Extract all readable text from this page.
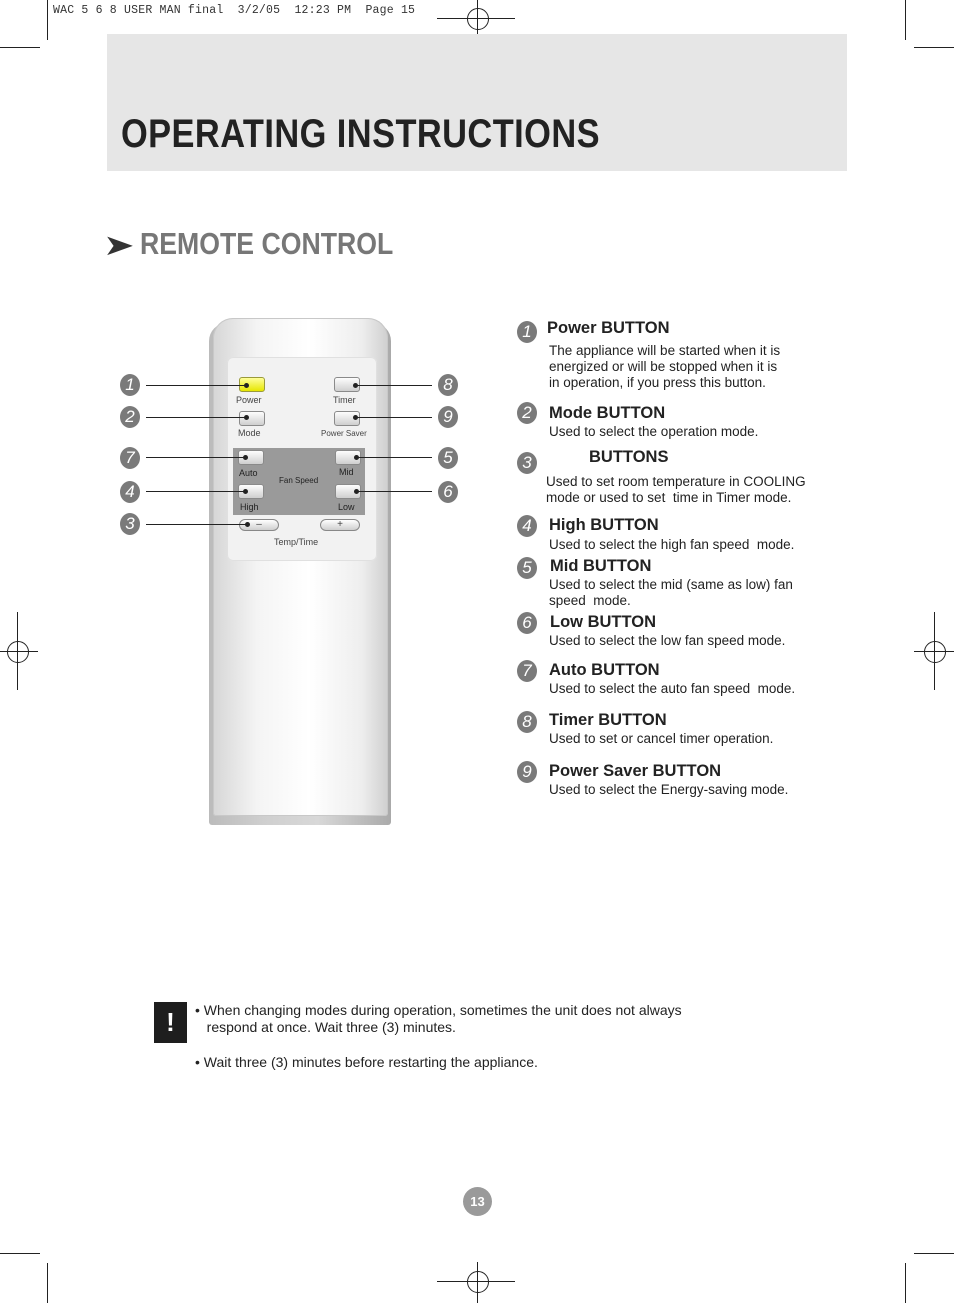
WAC 5 6 8 USER MAN final  3/2/05  12:23 PM  Page 15
OPERATING INSTRUCTIONS
➤ REMOTE CONTROL
Power	Timer
Mode	Power Saver
Auto
Fan Speed
Mid
High	Low
–	+
Temp/Time
1
2
7
4
3
8
9
5
6
1 Power BUTTON
The appliance will be started when it is
energized or will be stopped when it is
in operation, if you press this button.
2	Mode BUTTON
Used to select the operation mode.
3	BUTTONS
Used to set room temperature in COOLING
mode or used to set  time in Timer mode.
4	High BUTTON
Used to select the high fan speed  mode.
5	Mid BUTTON
Used to select the mid (same as low) fan
speed  mode.
6	Low BUTTON
Used to select the low fan speed mode.
7	Auto BUTTON
Used to select the auto fan speed  mode.
8	Timer BUTTON
Used to set or cancel timer operation.
9	Power Saver BUTTON
Used to select the Energy-saving mode.
!	• When changing modes during operation, sometimes the unit does not always
respond at once. Wait three (3) minutes.
• Wait three (3) minutes before restarting the appliance.
13
